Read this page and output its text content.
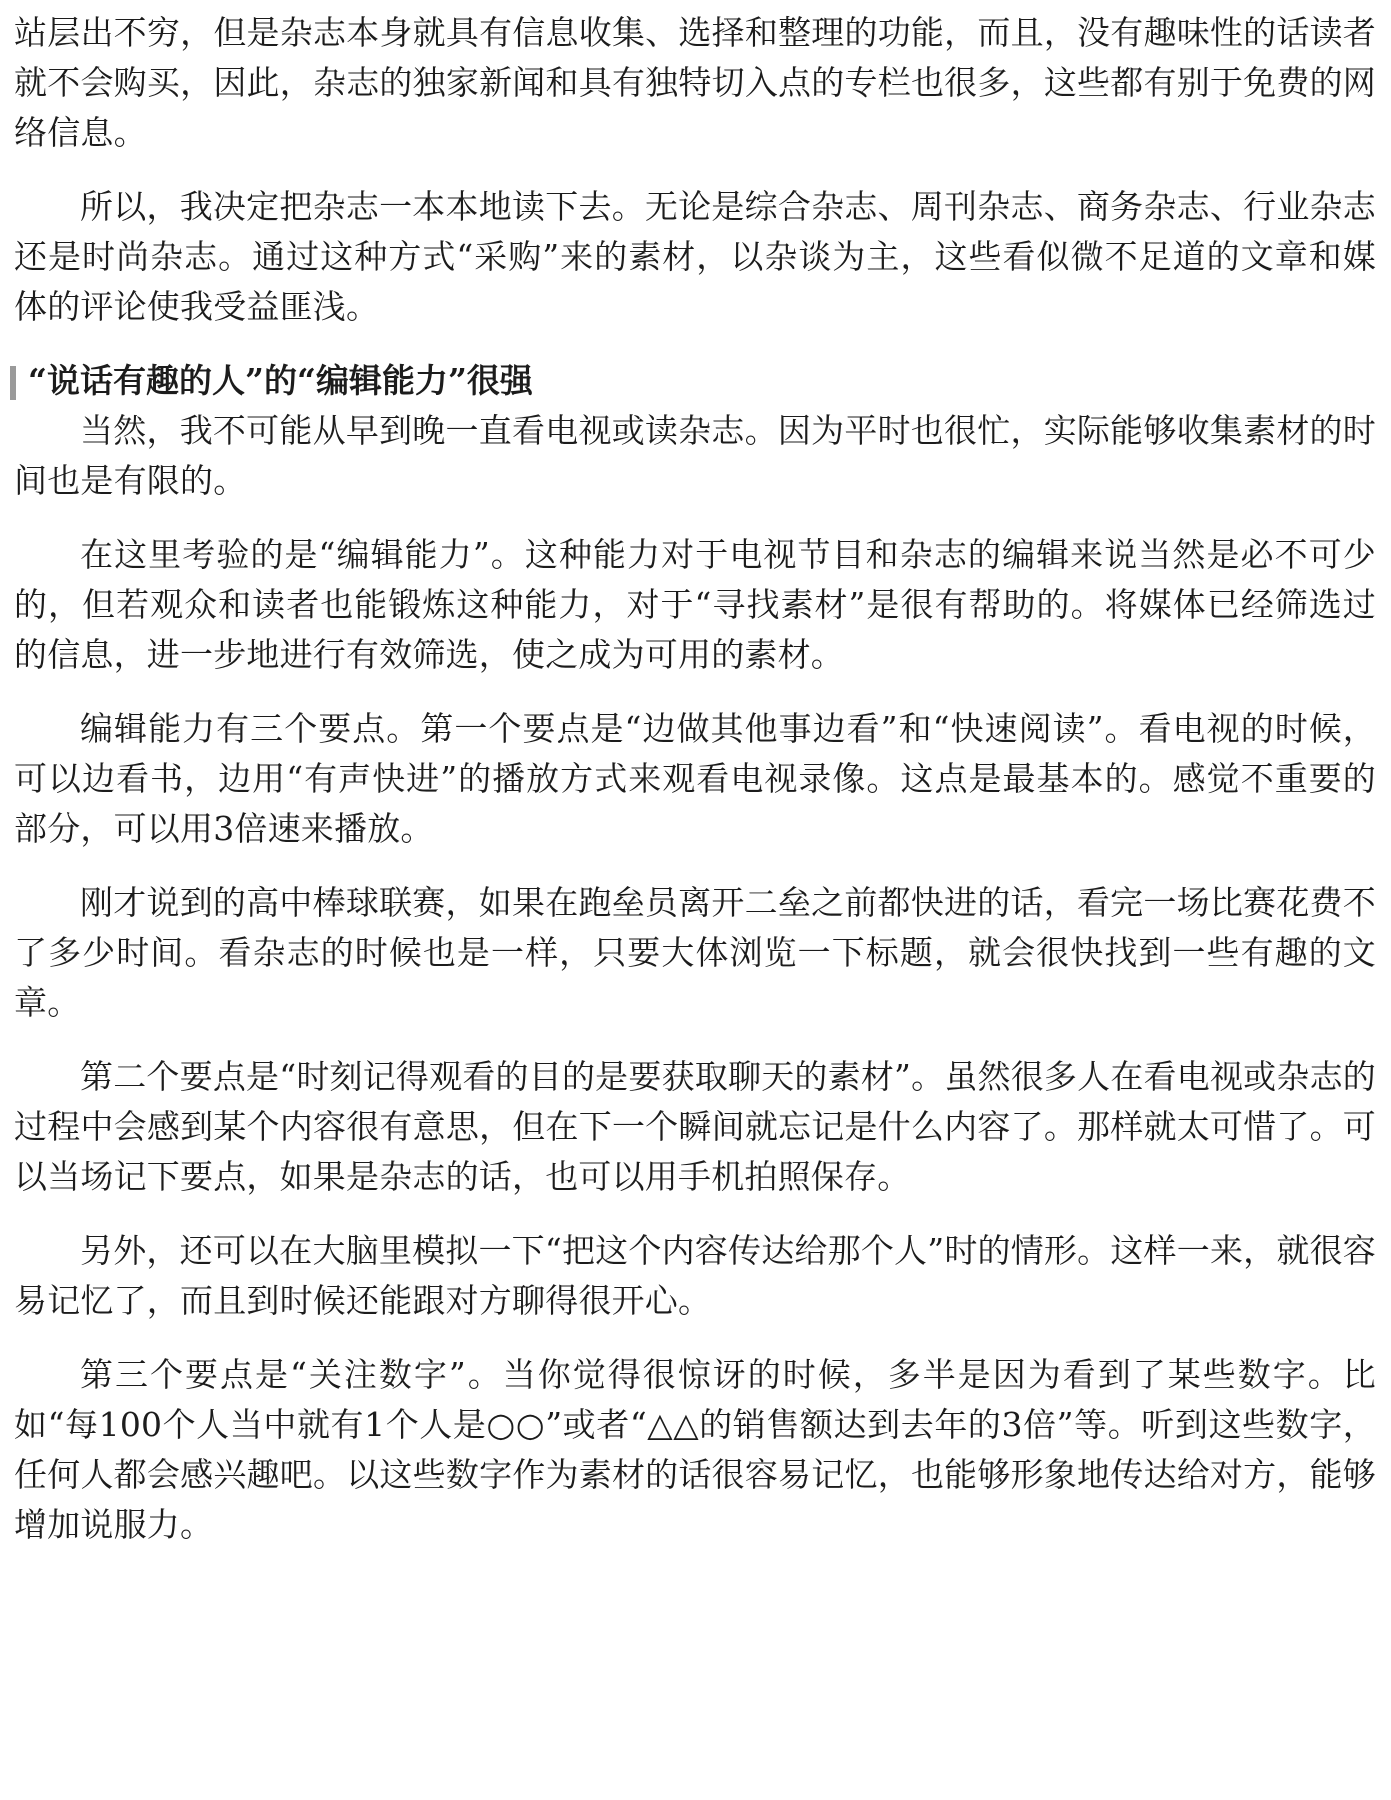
站层出不穷，但是杂志本身就具有信息收集、选择和整理的功能，而且，没有趣味性的话读者就不会购买，因此，杂志的独家新闻和具有独特切入点的专栏也很多，这些都有别于免费的网络信息。

所以，我决定把杂志一本本地读下去。无论是综合杂志、周刊杂志、商务杂志、行业杂志还是时尚杂志。通过这种方式“采购”来的素材，以杂谈为主，这些看似微不足道的文章和媒体的评论使我受益匪浅。

“说话有趣的人”的“编辑能力”很强

当然，我不可能从早到晚一直看电视或读杂志。因为平时也很忙，实际能够收集素材的时间也是有限的。

在这里考验的是“编辑能力”。这种能力对于电视节目和杂志的编辑来说当然是必不可少的，但若观众和读者也能锻炼这种能力，对于“寻找素材”是很有帮助的。将媒体已经筛选过的信息，进一步地进行有效筛选，使之成为可用的素材。

编辑能力有三个要点。第一个要点是“边做其他事边看”和“快速阅读”。看电视的时候，可以边看书，边用“有声快进”的播放方式来观看电视录像。这点是最基本的。感觉不重要的部分，可以用3倍速来播放。

刚才说到的高中棒球联赛，如果在跑垒员离开二垒之前都快进的话，看完一场比赛花费不了多少时间。看杂志的时候也是一样，只要大体浏览一下标题，就会很快找到一些有趣的文章。

第二个要点是“时刻记得观看的目的是要获取聊天的素材”。虽然很多人在看电视或杂志的过程中会感到某个内容很有意思，但在下一个瞬间就忘记是什么内容了。那样就太可惜了。可以当场记下要点，如果是杂志的话，也可以用手机拍照保存。

另外，还可以在大脑里模拟一下“把这个内容传达给那个人”时的情形。这样一来，就很容易记忆了，而且到时候还能跟对方聊得很开心。

第三个要点是“关注数字”。当你觉得很惊讶的时候，多半是因为看到了某些数字。比如“每100个人当中就有1个人是○○”或者“△△的销售额达到去年的3倍”等。听到这些数字，任何人都会感兴趣吧。以这些数字作为素材的话很容易记忆，也能够形象地传达给对方，能够增加说服力。
